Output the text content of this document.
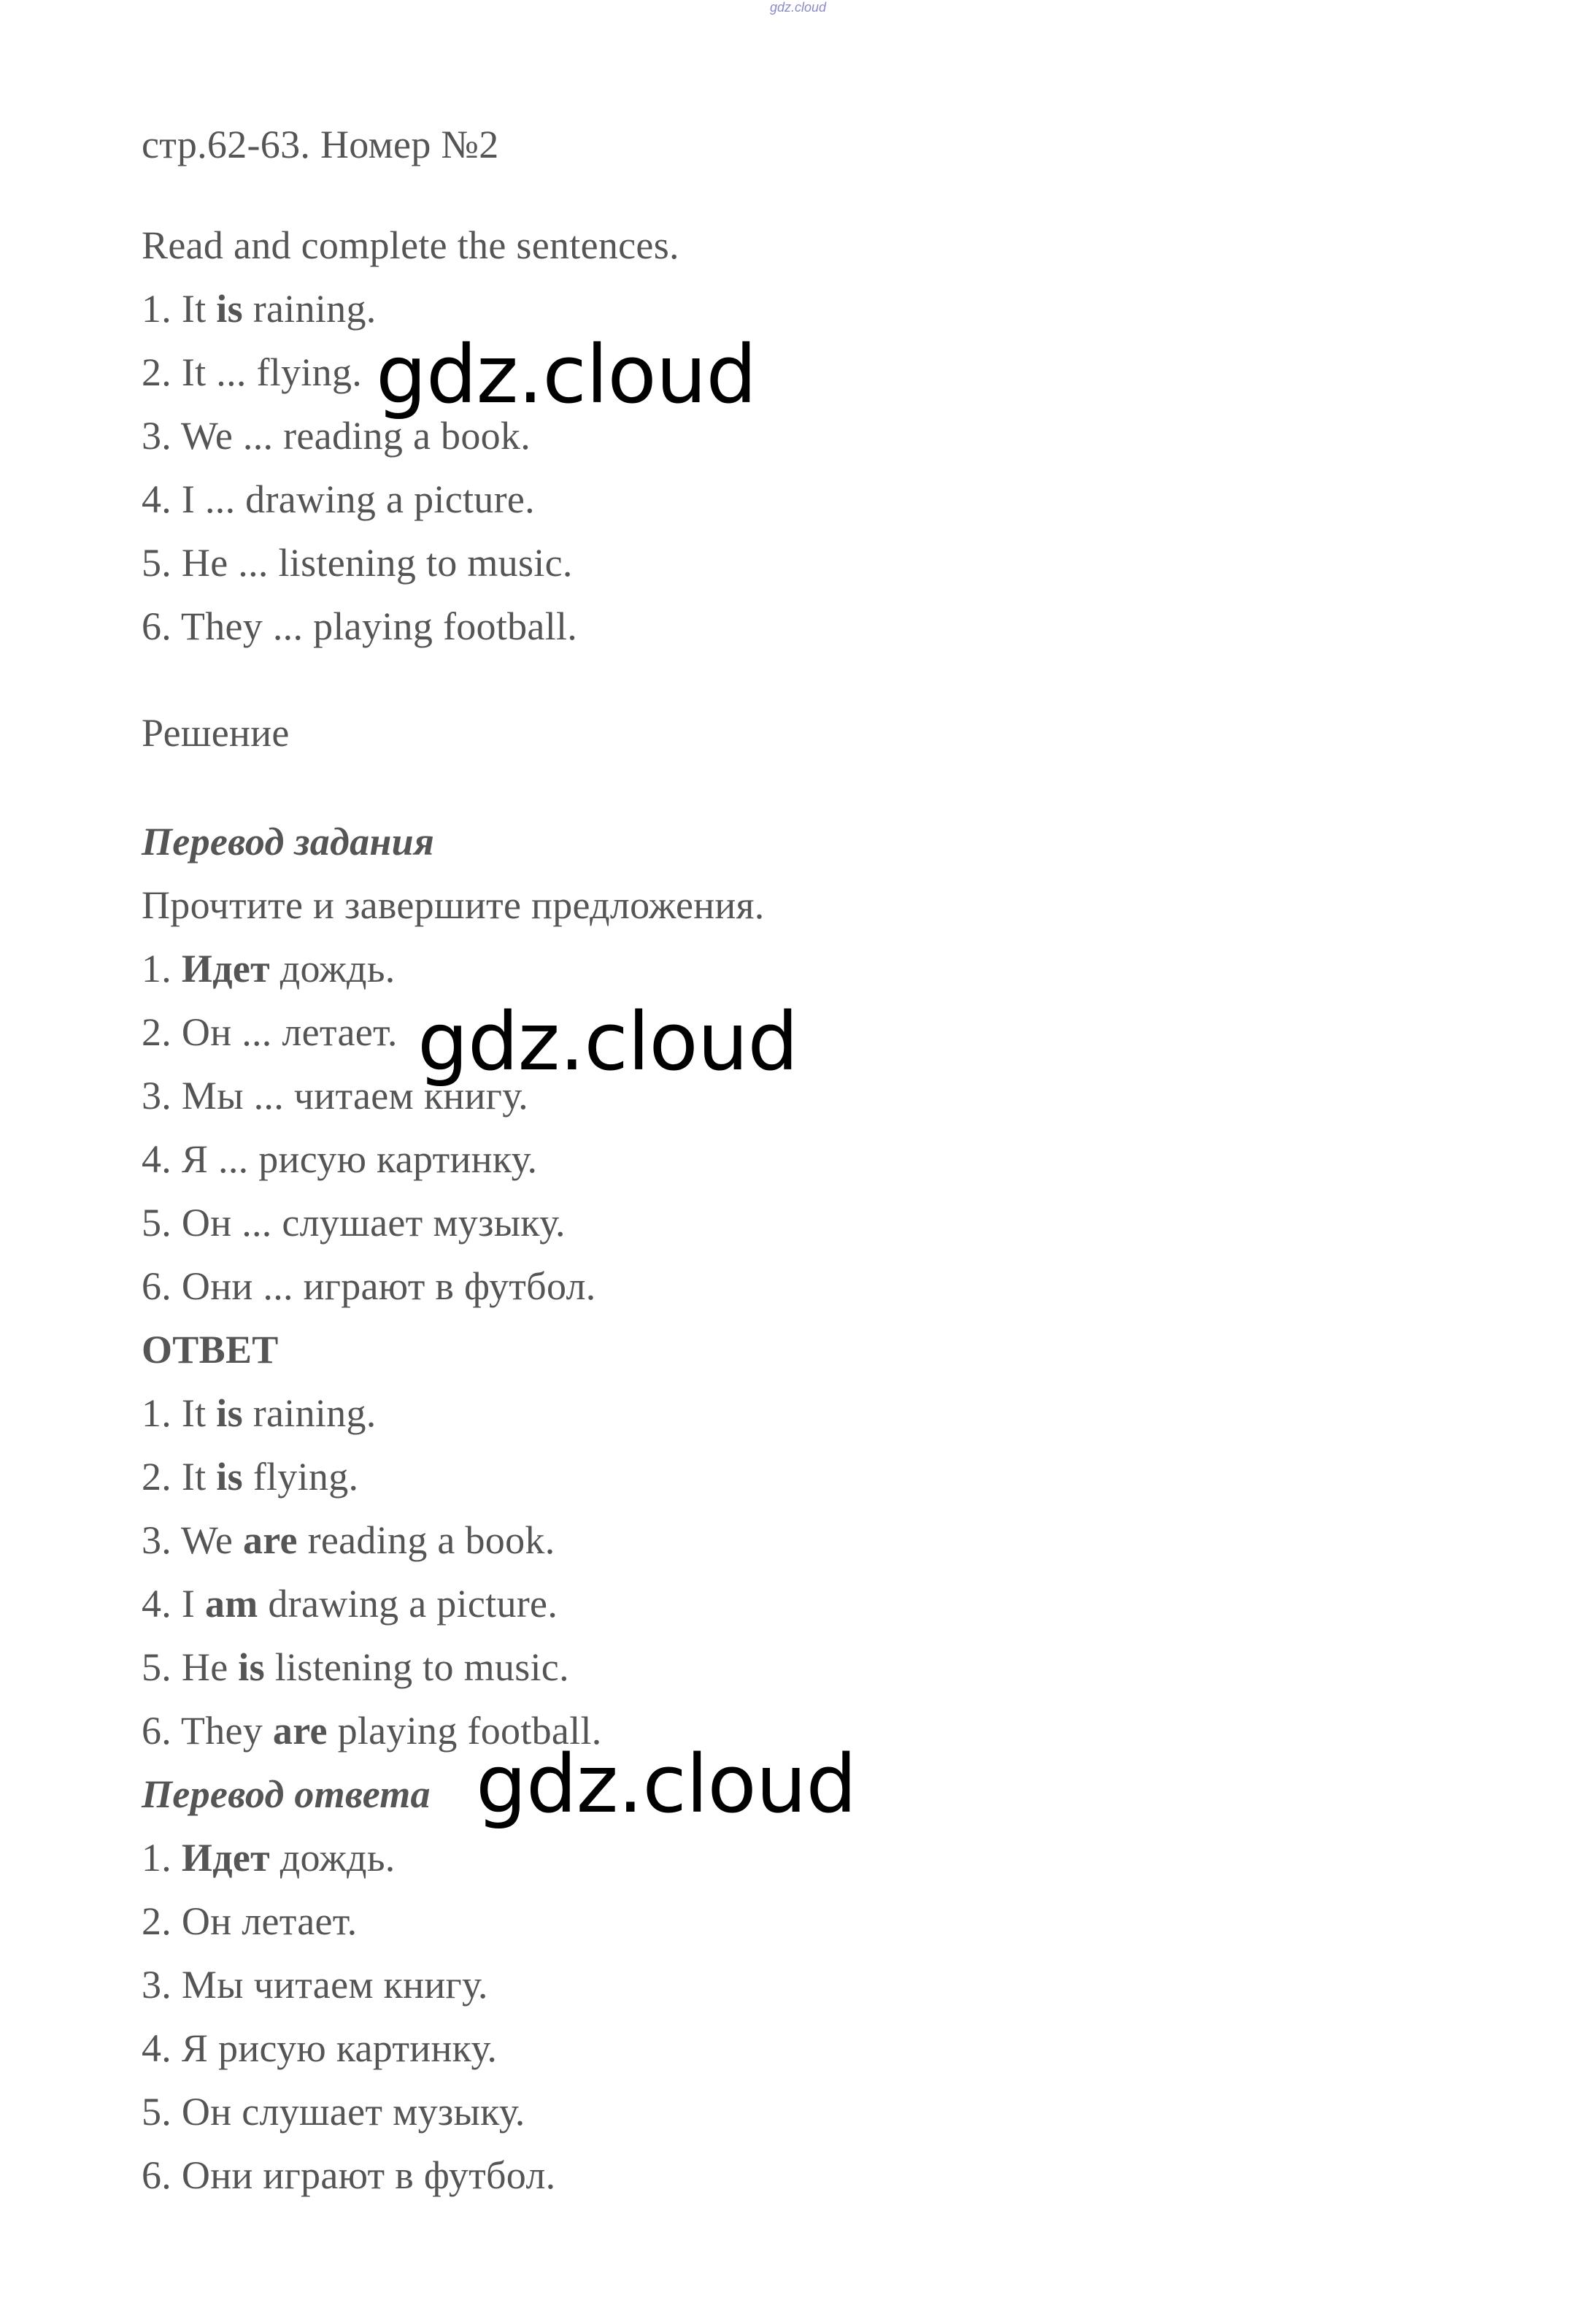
gdz.cloud
стр.62-63. Номер №2
Read and complete the sentences.
1. It is raining.
2. It ... flying.
3. We ... reading a book.
4. I ... drawing a picture.
5. He ... listening to music.
6. They ... playing football.
Решение
Перевод задания
Прочтите и завершите предложения.
1. Идет дождь.
2. Он ... летает.
3. Мы ... читаем книгу.
4. Я ... рисую картинку.
5. Он ... слушает музыку.
6. Они ... играют в футбол.
ОТВЕТ
1. It is raining.
2. It is flying.
3. We are reading a book.
4. I am drawing a picture.
5. He is listening to music.
6. They are playing football.
Перевод ответа
1. Идет дождь.
2. Он летает.
3. Мы читаем книгу.
4. Я рисую картинку.
5. Он слушает музыку.
6. Они играют в футбол.
gdz.cloud
gdz.cloud
gdz.cloud
